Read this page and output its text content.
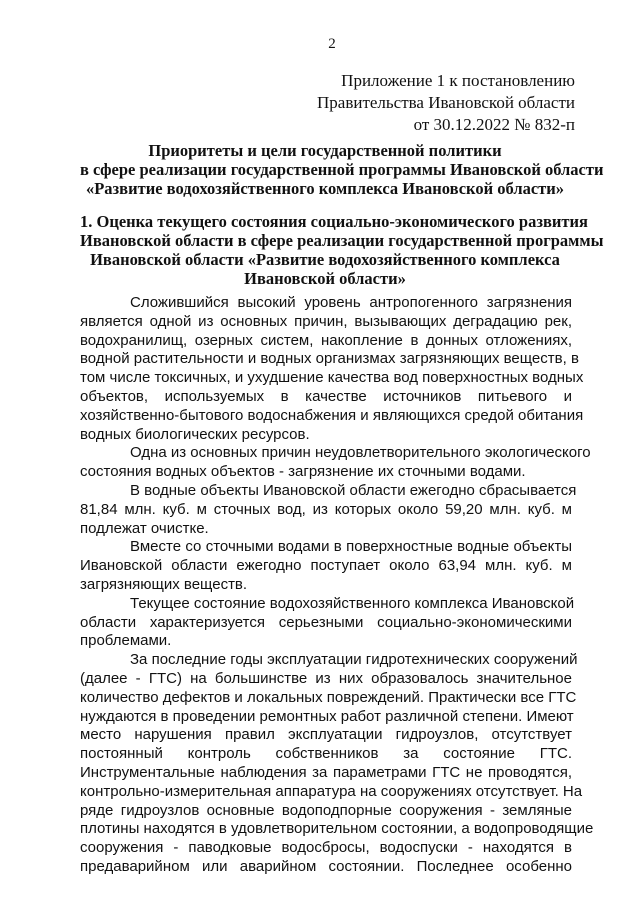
2
Приложение 1 к постановлению
Правительства Ивановской области
от 30.12.2022 № 832-п
Приоритеты и цели государственной политики
в сфере реализации государственной программы Ивановской области
«Развитие водохозяйственного комплекса Ивановской области»
1. Оценка текущего состояния социально-экономического развития
Ивановской области в сфере реализации государственной программы
Ивановской области «Развитие водохозяйственного комплекса
Ивановской области»

Сложившийся высокий уровень антропогенного загрязнения
является одной из основных причин, вызывающих деградацию рек,
водохранилищ, озерных систем, накопление в донных отложениях,
водной растительности и водных организмах загрязняющих веществ, в
том числе токсичных, и ухудшение качества вод поверхностных водных
объектов, используемых в качестве источников питьевого и
хозяйственно-бытового водоснабжения и являющихся средой обитания
водных биологических ресурсов.

Одна из основных причин неудовлетворительного экологического
состояния водных объектов - загрязнение их сточными водами.

В водные объекты Ивановской области ежегодно сбрасывается
81,84 млн. куб. м сточных вод, из которых около 59,20 млн. куб. м
подлежат очистке.

Вместе со сточными водами в поверхностные водные объекты
Ивановской области ежегодно поступает около 63,94 млн. куб. м
загрязняющих веществ.

Текущее состояние водохозяйственного комплекса Ивановской
области характеризуется серьезными социально-экономическими
проблемами.

За последние годы эксплуатации гидротехнических сооружений
(далее - ГТС) на большинстве из них образовалось значительное
количество дефектов и локальных повреждений. Практически все ГТС
нуждаются в проведении ремонтных работ различной степени. Имеют
место нарушения правил эксплуатации гидроузлов, отсутствует
постоянный контроль собственников за состояние ГТС.
Инструментальные наблюдения за параметрами ГТС не проводятся,
контрольно-измерительная аппаратура на сооружениях отсутствует. На
ряде гидроузлов основные водоподпорные сооружения - земляные
плотины находятся в удовлетворительном состоянии, а водопроводящие
сооружения - паводковые водосбросы, водоспуски - находятся в
предаварийном или аварийном состоянии. Последнее особенно
